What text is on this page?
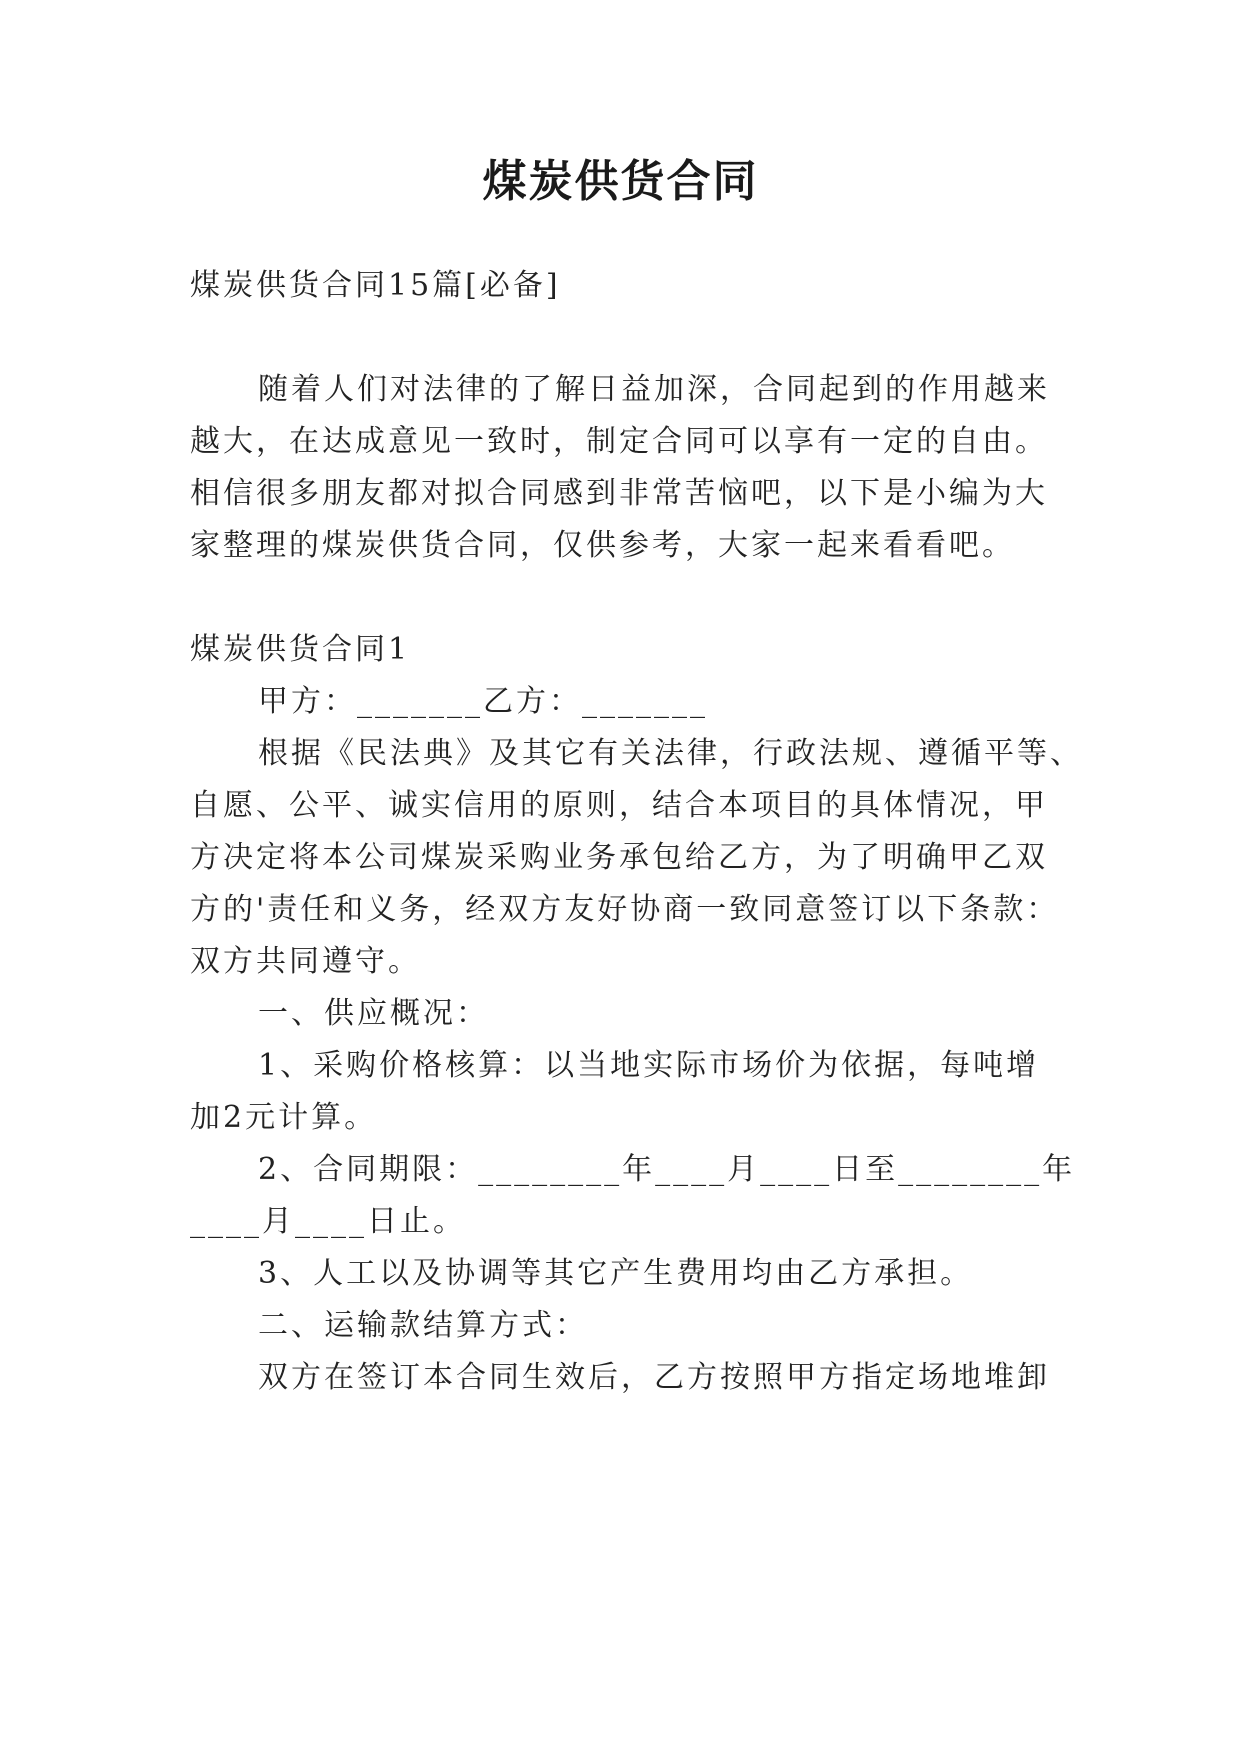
煤炭供货合同
煤炭供货合同15篇[必备]
随着人们对法律的了解日益加深，合同起到的作用越来
越大，在达成意见一致时，制定合同可以享有一定的自由。
相信很多朋友都对拟合同感到非常苦恼吧，以下是小编为大
家整理的煤炭供货合同，仅供参考，大家一起来看看吧。
煤炭供货合同1
甲方：_______乙方：_______
根据《民法典》及其它有关法律，行政法规、遵循平等、
自愿、公平、诚实信用的原则，结合本项目的具体情况，甲
方决定将本公司煤炭采购业务承包给乙方，为了明确甲乙双
方的'责任和义务，经双方友好协商一致同意签订以下条款：
双方共同遵守。
一、供应概况：
1、采购价格核算：以当地实际市场价为依据，每吨增
加2元计算。
2、合同期限：________年____月____日至________年
____月____日止。
3、人工以及协调等其它产生费用均由乙方承担。
二、运输款结算方式：
双方在签订本合同生效后，乙方按照甲方指定场地堆卸
